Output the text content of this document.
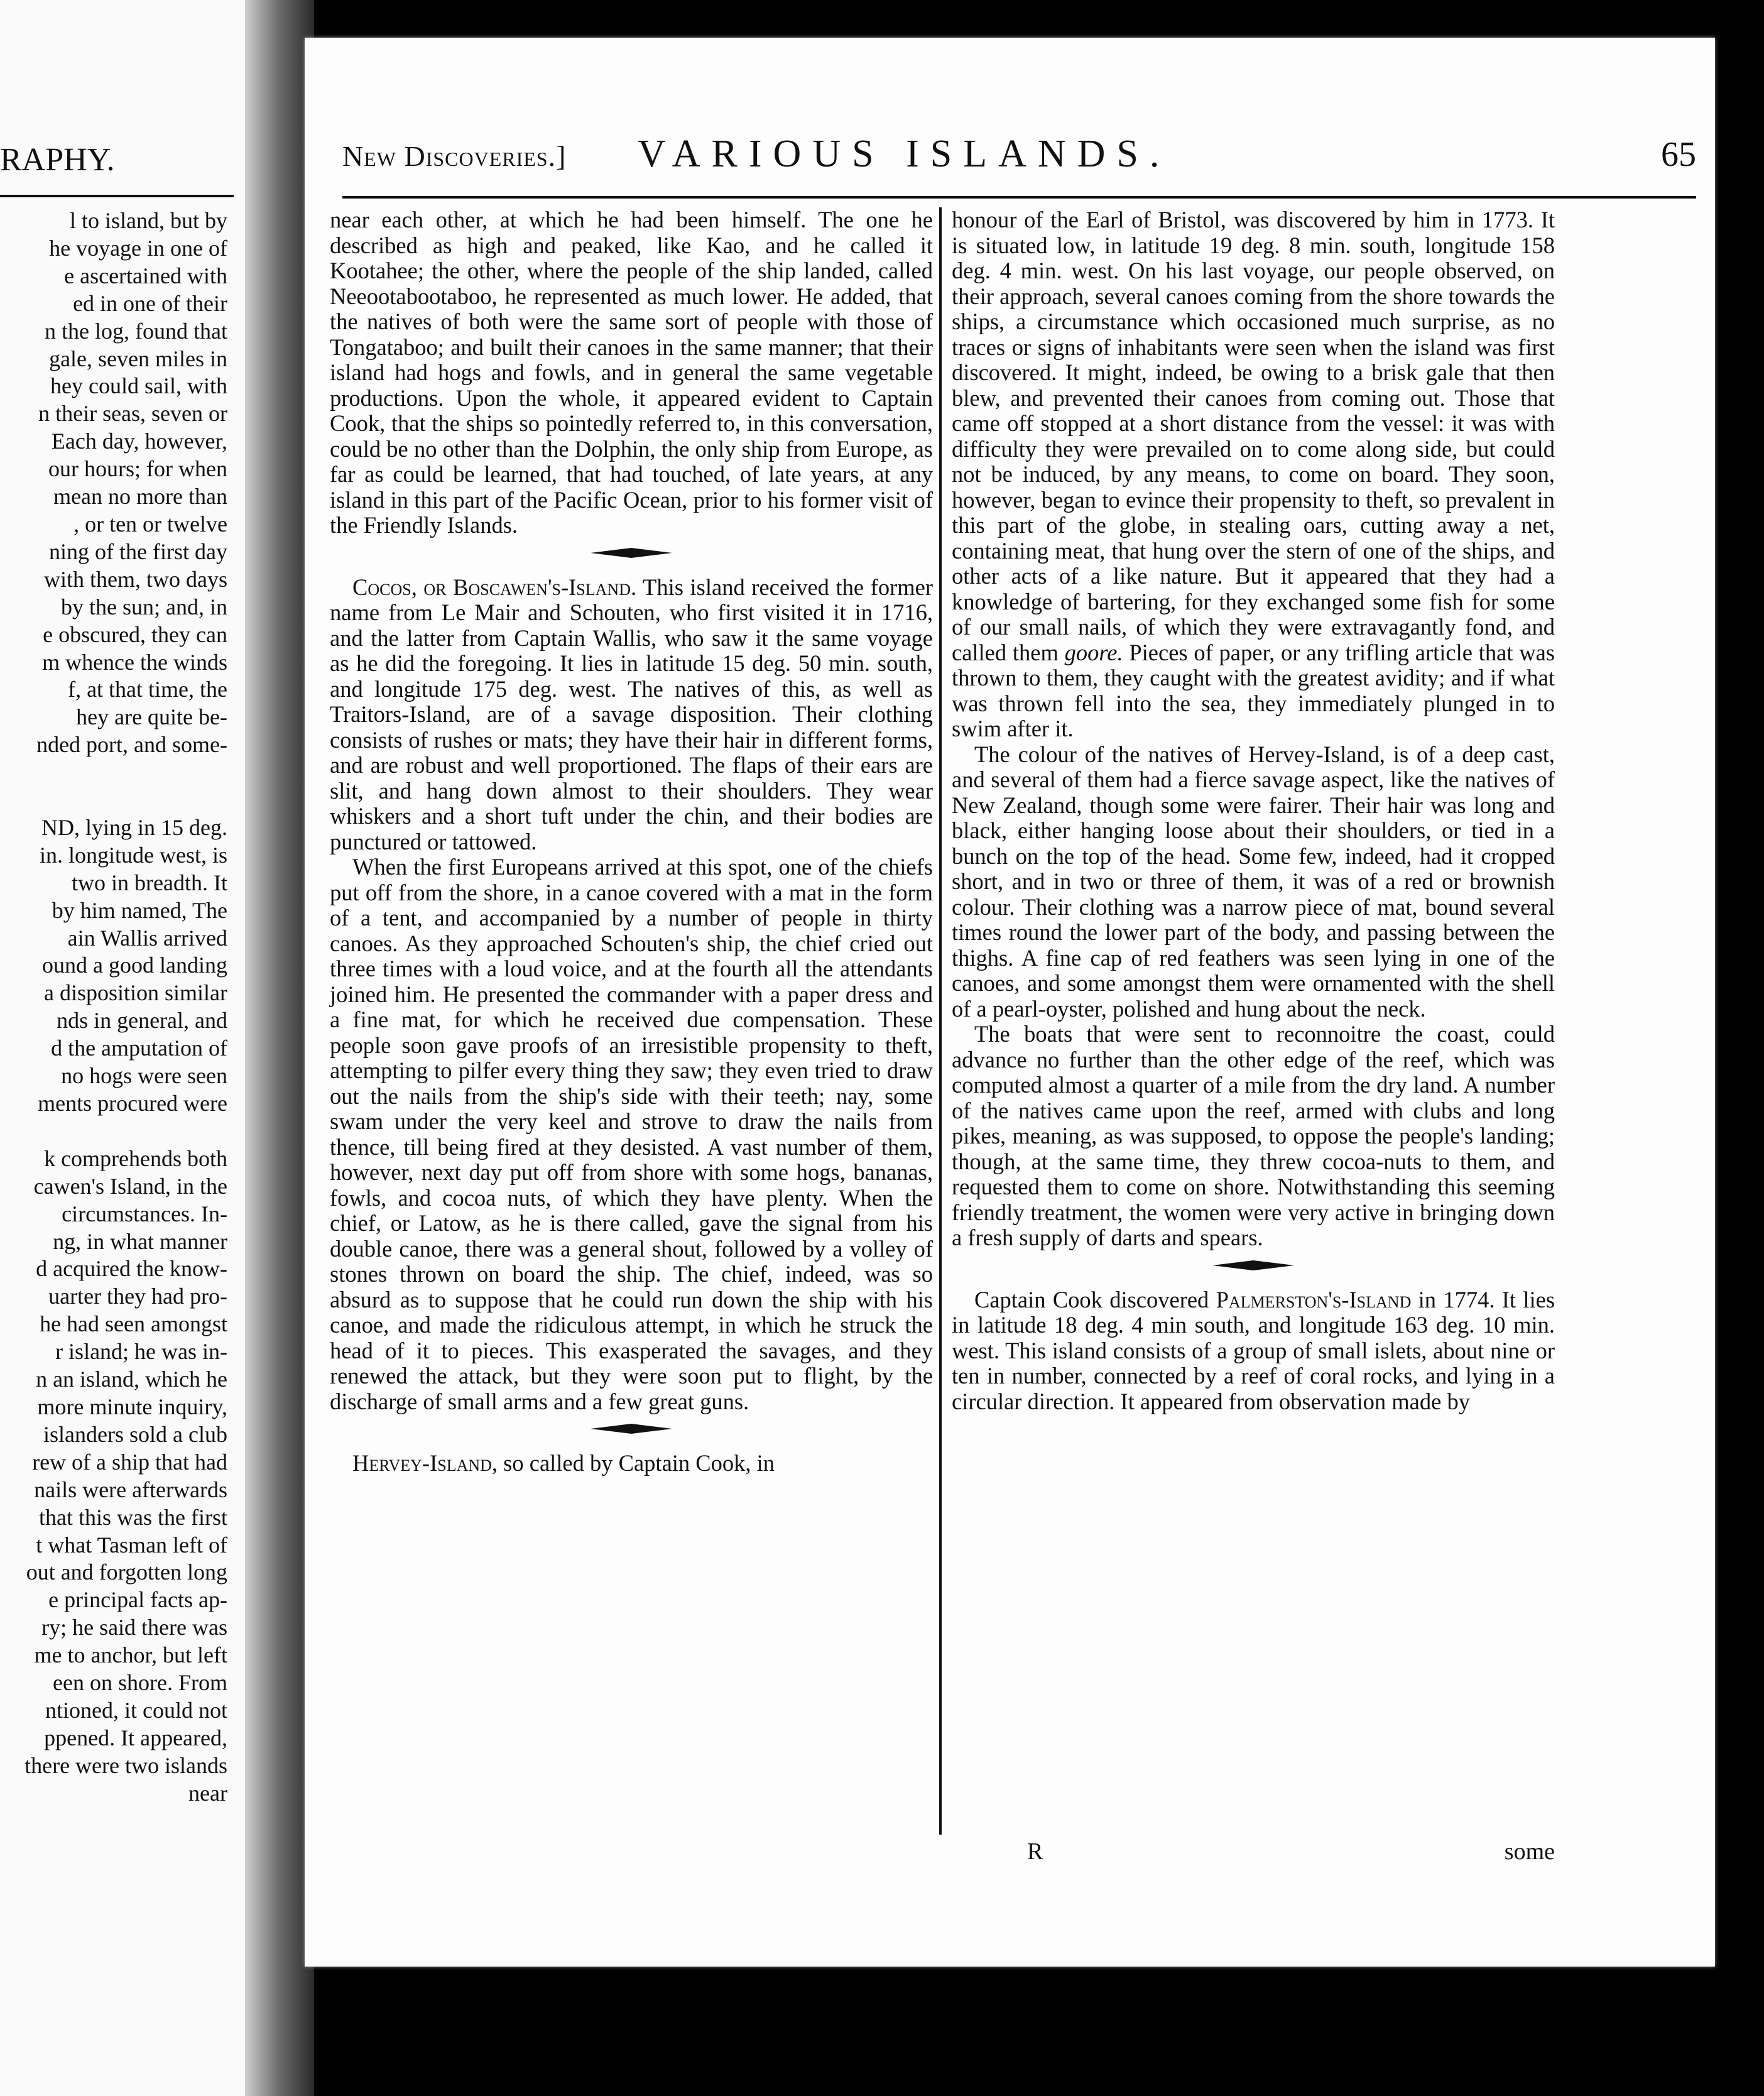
RAPHY.
l to island, but by
he voyage in one of
e ascertained with
ed in one of their
n the log, found that
gale, seven miles in
hey could sail, with
n their seas, seven or
Each day, however,
our hours; for when
mean no more than
, or ten or twelve
ning of the first day
with them, two days
by the sun; and, in
e obscured, they can
m whence the winds
f, at that time, the
hey are quite be-
nded port, and some-

ND, lying in 15 deg.
in. longitude west, is
two in breadth. It
by him named, The
ain Wallis arrived
ound a good landing
a disposition similar
nds in general, and
d the amputation of
no hogs were seen
ments procured were

k comprehends both
cawen's Island, in the
circumstances. In-
ng, in what manner
d acquired the know-
uarter they had pro-
he had seen amongst
r island; he was in-
n an island, which he
more minute inquiry,
islanders sold a club
rew of a ship that had
nails were afterwards
that this was the first
t what Tasman left of
out and forgotten long
e principal facts ap-
ry; he said there was
me to anchor, but left
een on shore. From
ntioned, it could not
ppened. It appeared,
there were two islands
near
New Discoveries.] VARIOUS ISLANDS.	65

near each other, at which he had been himself. The one he described as high and peaked, like Kao, and he called it Kootahee; the other, where the people of the ship landed, called Neeootabootaboo, he represented as much lower. He added, that the natives of both were the same sort of people with those of Tongataboo; and built their canoes in the same manner; that their island had hogs and fowls, and in general the same vegetable productions. Upon the whole, it appeared evident to Captain Cook, that the ships so pointedly referred to, in this conversation, could be no other than the Dolphin, the only ship from Europe, as far as could be learned, that had touched, of late years, at any island in this part of the Pacific Ocean, prior to his former visit of the Friendly Islands.

Cocos, or Boscawen's-Island. This island received the former name from Le Mair and Schouten, who first visited it in 1716, and the latter from Captain Wallis, who saw it the same voyage as he did the foregoing. It lies in latitude 15 deg. 50 min. south, and longitude 175 deg. west. The natives of this, as well as Traitors-Island, are of a savage disposition. Their clothing consists of rushes or mats; they have their hair in different forms, and are robust and well proportioned. The flaps of their ears are slit, and hang down almost to their shoulders. They wear whiskers and a short tuft under the chin, and their bodies are punctured or tattowed.

When the first Europeans arrived at this spot, one of the chiefs put off from the shore, in a canoe covered with a mat in the form of a tent, and accompanied by a number of people in thirty canoes. As they approached Schouten's ship, the chief cried out three times with a loud voice, and at the fourth all the attendants joined him. He presented the commander with a paper dress and a fine mat, for which he received due compensation. These people soon gave proofs of an irresistible propensity to theft, attempting to pilfer every thing they saw; they even tried to draw out the nails from the ship's side with their teeth; nay, some swam under the very keel and strove to draw the nails from thence, till being fired at they desisted. A vast number of them, however, next day put off from shore with some hogs, bananas, fowls, and cocoa nuts, of which they have plenty. When the chief, or Latow, as he is there called, gave the signal from his double canoe, there was a general shout, followed by a volley of stones thrown on board the ship. The chief, indeed, was so absurd as to suppose that he could run down the ship with his canoe, and made the ridiculous attempt, in which he struck the head of it to pieces. This exasperated the savages, and they renewed the attack, but they were soon put to flight, by the discharge of small arms and a few great guns.

Hervey-Island, so called by Captain Cook, in

honour of the Earl of Bristol, was discovered by him in 1773. It is situated low, in latitude 19 deg. 8 min. south, longitude 158 deg. 4 min. west. On his last voyage, our people observed, on their approach, several canoes coming from the shore towards the ships, a circumstance which occasioned much surprise, as no traces or signs of inhabitants were seen when the island was first discovered. It might, indeed, be owing to a brisk gale that then blew, and prevented their canoes from coming out. Those that came off stopped at a short distance from the vessel: it was with difficulty they were prevailed on to come along side, but could not be induced, by any means, to come on board. They soon, however, began to evince their propensity to theft, so prevalent in this part of the globe, in stealing oars, cutting away a net, containing meat, that hung over the stern of one of the ships, and other acts of a like nature. But it appeared that they had a knowledge of bartering, for they exchanged some fish for some of our small nails, of which they were extravagantly fond, and called them goore. Pieces of paper, or any trifling article that was thrown to them, they caught with the greatest avidity; and if what was thrown fell into the sea, they immediately plunged in to swim after it.

The colour of the natives of Hervey-Island, is of a deep cast, and several of them had a fierce savage aspect, like the natives of New Zealand, though some were fairer. Their hair was long and black, either hanging loose about their shoulders, or tied in a bunch on the top of the head. Some few, indeed, had it cropped short, and in two or three of them, it was of a red or brownish colour. Their clothing was a narrow piece of mat, bound several times round the lower part of the body, and passing between the thighs. A fine cap of red feathers was seen lying in one of the canoes, and some amongst them were ornamented with the shell of a pearl-oyster, polished and hung about the neck.

The boats that were sent to reconnoitre the coast, could advance no further than the other edge of the reef, which was computed almost a quarter of a mile from the dry land. A number of the natives came upon the reef, armed with clubs and long pikes, meaning, as was supposed, to oppose the people's landing; though, at the same time, they threw cocoa-nuts to them, and requested them to come on shore. Notwithstanding this seeming friendly treatment, the women were very active in bringing down a fresh supply of darts and spears.

Captain Cook discovered Palmerston's-Island in 1774. It lies in latitude 18 deg. 4 min south, and longitude 163 deg. 10 min. west. This island consists of a group of small islets, about nine or ten in number, connected by a reef of coral rocks, and lying in a circular direction. It appeared from observation made by

R	some
